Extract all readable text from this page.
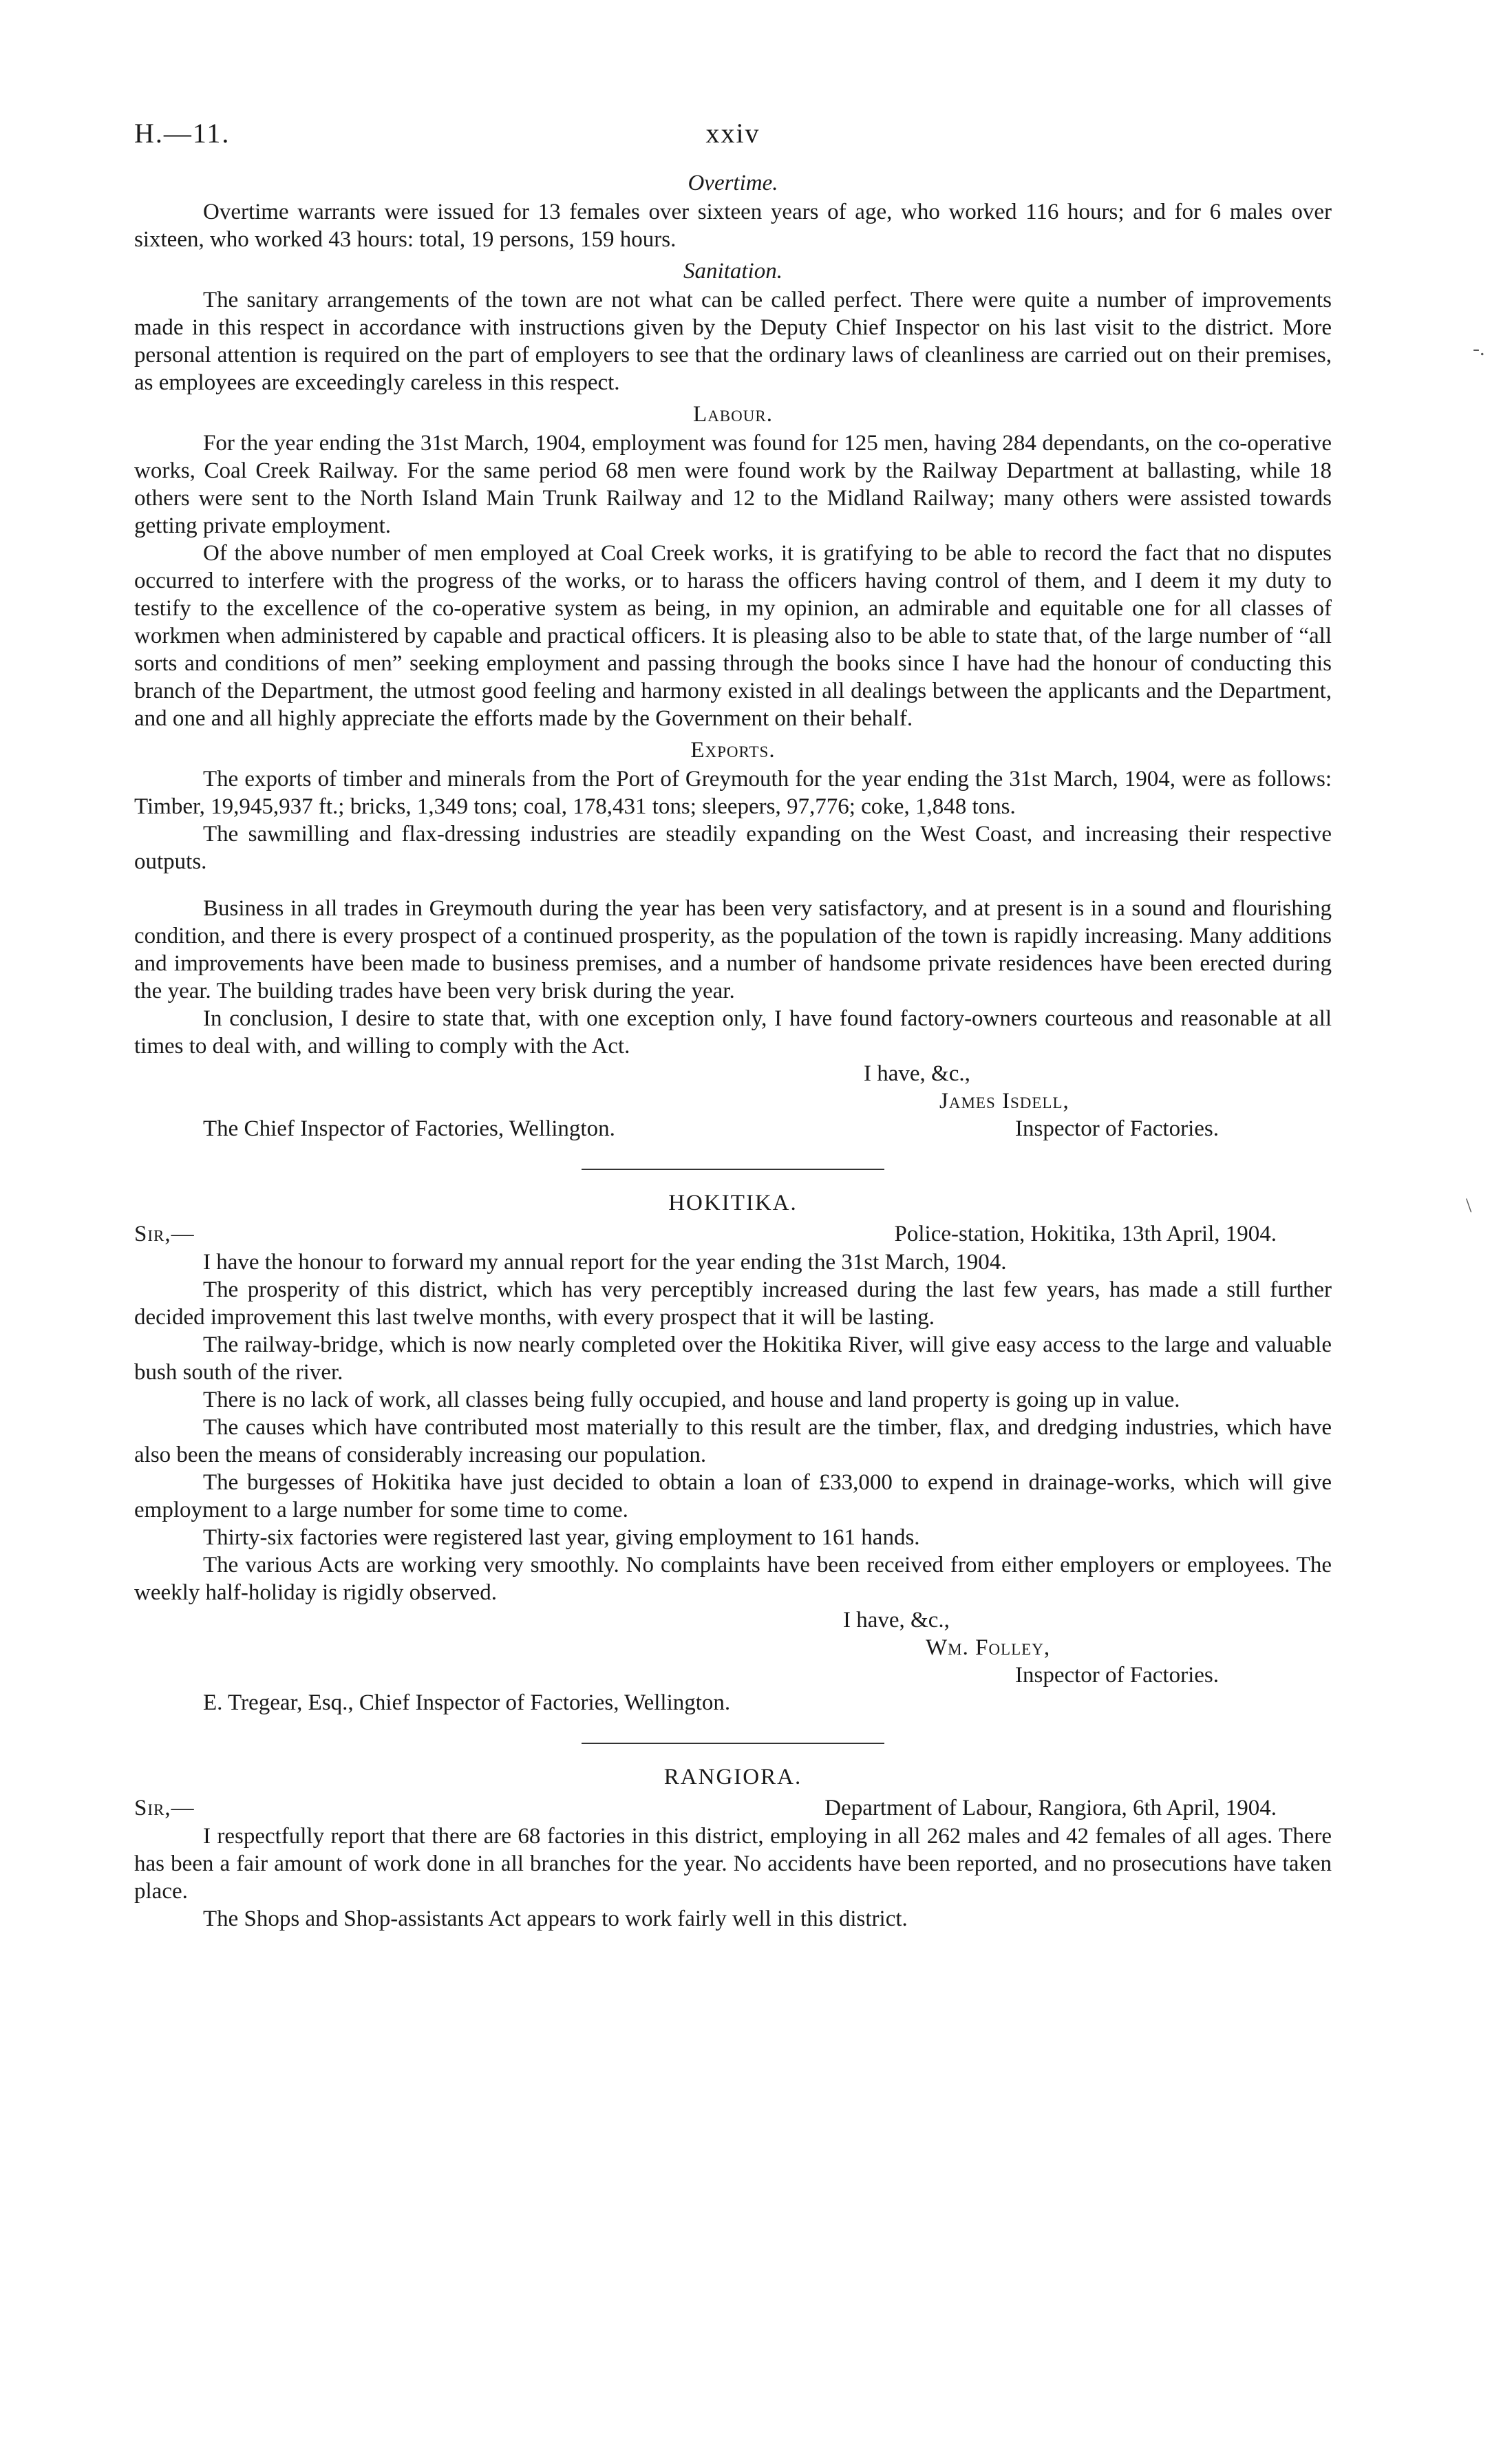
-.
\
xxiv
H.—11.
Overtime.

Overtime warrants were issued for 13 females over sixteen years of age, who worked 116 hours; and for 6 males over sixteen, who worked 43 hours: total, 19 persons, 159 hours.

Sanitation.

The sanitary arrangements of the town are not what can be called perfect. There were quite a number of improvements made in this respect in accordance with instructions given by the Deputy Chief Inspector on his last visit to the district. More personal attention is required on the part of employers to see that the ordinary laws of cleanliness are carried out on their premises, as employees are exceedingly careless in this respect.

Labour.

For the year ending the 31st March, 1904, employment was found for 125 men, having 284 dependants, on the co-operative works, Coal Creek Railway. For the same period 68 men were found work by the Railway Department at ballasting, while 18 others were sent to the North Island Main Trunk Railway and 12 to the Midland Railway; many others were assisted towards getting private employment.

Of the above number of men employed at Coal Creek works, it is gratifying to be able to record the fact that no disputes occurred to interfere with the progress of the works, or to harass the officers having control of them, and I deem it my duty to testify to the excellence of the co-operative system as being, in my opinion, an admirable and equitable one for all classes of workmen when administered by capable and practical officers. It is pleasing also to be able to state that, of the large number of “all sorts and conditions of men” seeking employment and passing through the books since I have had the honour of conducting this branch of the Department, the utmost good feeling and harmony existed in all dealings between the applicants and the Department, and one and all highly appreciate the efforts made by the Government on their behalf.

Exports.

The exports of timber and minerals from the Port of Greymouth for the year ending the 31st March, 1904, were as follows: Timber, 19,945,937 ft.; bricks, 1,349 tons; coal, 178,431 tons; sleepers, 97,776; coke, 1,848 tons.

The sawmilling and flax-dressing industries are steadily expanding on the West Coast, and increasing their respective outputs.

Business in all trades in Greymouth during the year has been very satisfactory, and at present is in a sound and flourishing condition, and there is every prospect of a continued prosperity, as the population of the town is rapidly increasing. Many additions and improvements have been made to business premises, and a number of handsome private residences have been erected during the year. The building trades have been very brisk during the year.

In conclusion, I desire to state that, with one exception only, I have found factory-owners courteous and reasonable at all times to deal with, and willing to comply with the Act.

I have, &c.,
James Isdell,
The Chief Inspector of Factories, Wellington.	Inspector of Factories.
HOKITIKA.
Sir,—	Police-station, Hokitika, 13th April, 1904.

I have the honour to forward my annual report for the year ending the 31st March, 1904.

The prosperity of this district, which has very perceptibly increased during the last few years, has made a still further decided improvement this last twelve months, with every prospect that it will be lasting.

The railway-bridge, which is now nearly completed over the Hokitika River, will give easy access to the large and valuable bush south of the river.

There is no lack of work, all classes being fully occupied, and house and land property is going up in value.

The causes which have contributed most materially to this result are the timber, flax, and dredging industries, which have also been the means of considerably increasing our population.

The burgesses of Hokitika have just decided to obtain a loan of £33,000 to expend in drainage-works, which will give employment to a large number for some time to come.

Thirty-six factories were registered last year, giving employment to 161 hands.

The various Acts are working very smoothly. No complaints have been received from either employers or employees. The weekly half-holiday is rigidly observed.

I have, &c.,
Wm. Folley,
Inspector of Factories.
E. Tregear, Esq., Chief Inspector of Factories, Wellington.
RANGIORA.
Sir,—	Department of Labour, Rangiora, 6th April, 1904.

I respectfully report that there are 68 factories in this district, employing in all 262 males and 42 females of all ages. There has been a fair amount of work done in all branches for the year. No accidents have been reported, and no prosecutions have taken place.

The Shops and Shop-assistants Act appears to work fairly well in this district.
